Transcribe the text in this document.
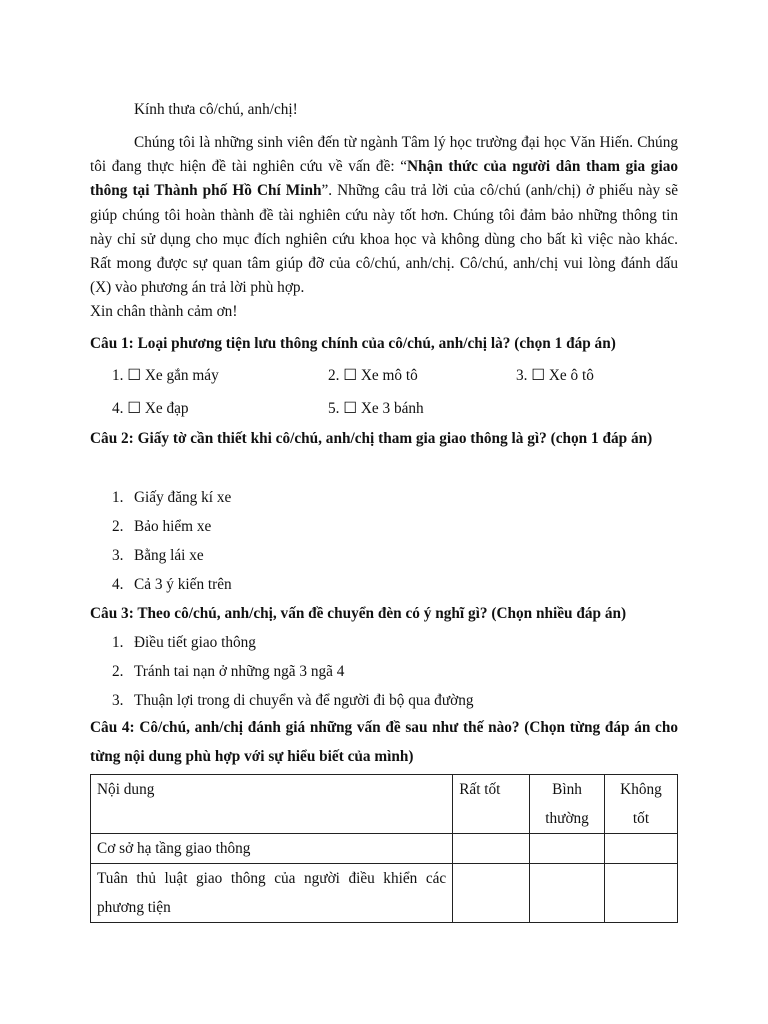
Kính thưa cô/chú, anh/chị!

Chúng tôi là những sinh viên đến từ ngành Tâm lý học trường đại học Văn Hiến. Chúng tôi đang thực hiện đề tài nghiên cứu về vấn đề: “Nhận thức của người dân tham gia giao thông tại Thành phố Hồ Chí Minh”. Những câu trả lời của cô/chú (anh/chị) ở phiếu này sẽ giúp chúng tôi hoàn thành đề tài nghiên cứu này tốt hơn. Chúng tôi đảm bảo những thông tin này chỉ sử dụng cho mục đích nghiên cứu khoa học và không dùng cho bất kì việc nào khác. Rất mong được sự quan tâm giúp đỡ của cô/chú, anh/chị. Cô/chú, anh/chị vui lòng đánh dấu (X) vào phương án trả lời phù hợp.

Xin chân thành cảm ơn!

Câu 1: Loại phương tiện lưu thông chính của cô/chú, anh/chị là? (chọn 1 đáp án)

1. ☐ Xe gắn máy	2. ☐ Xe mô tô	3. ☐ Xe ô tô
4. ☐ Xe đạp	5. ☐ Xe 3 bánh

Câu 2: Giấy tờ cần thiết khi cô/chú, anh/chị tham gia giao thông là gì? (chọn 1 đáp án)

1. Giấy đăng kí xe
2. Bảo hiểm xe
3. Bằng lái xe
4. Cả 3 ý kiến trên

Câu 3: Theo cô/chú, anh/chị, vấn đề chuyển đèn có ý nghĩ gì? (Chọn nhiều đáp án)

1. Điều tiết giao thông
2. Tránh tai nạn ở những ngã 3 ngã 4
3. Thuận lợi trong di chuyển và để người đi bộ qua đường

Câu 4: Cô/chú, anh/chị đánh giá những vấn đề sau như thế nào? (Chọn từng đáp án cho từng nội dung phù hợp với sự hiểu biết của mình)

Nội dung	Rất tốt	Bình thường	Không tốt
Cơ sở hạ tầng giao thông			
Tuân thủ luật giao thông của người điều khiển các phương tiện			
